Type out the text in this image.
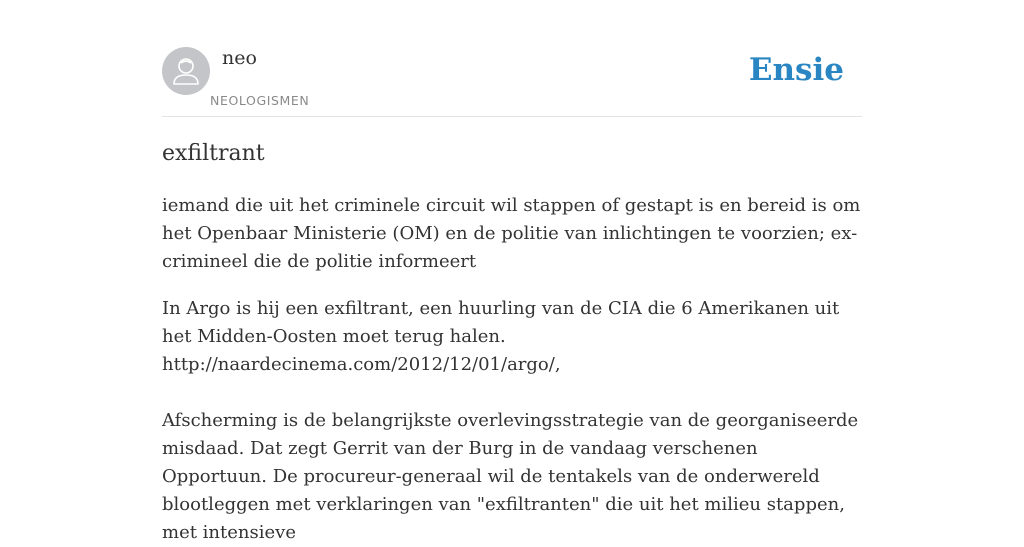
neo
NEOLOGISMEN
Ensie
exfiltrant

iemand die uit het criminele circuit wil stappen of gestapt is en bereid is om het Openbaar Ministerie (OM) en de politie van inlichtingen te voorzien; ex-crimineel die de politie informeert

In Argo is hij een exfiltrant, een huurling van de CIA die 6 Amerikanen uit het Midden-Oosten moet terug halen.
http://naardecinema.com/2012/12/01/argo/,
Afscherming is de belangrijkste overlevingsstrategie van de georganiseerde misdaad. Dat zegt Gerrit van der Burg in de vandaag verschenen Opportuun. De procureur-generaal wil de tentakels van de onderwereld blootleggen met verklaringen van "exfiltranten" die uit het milieu stappen, met intensieve
